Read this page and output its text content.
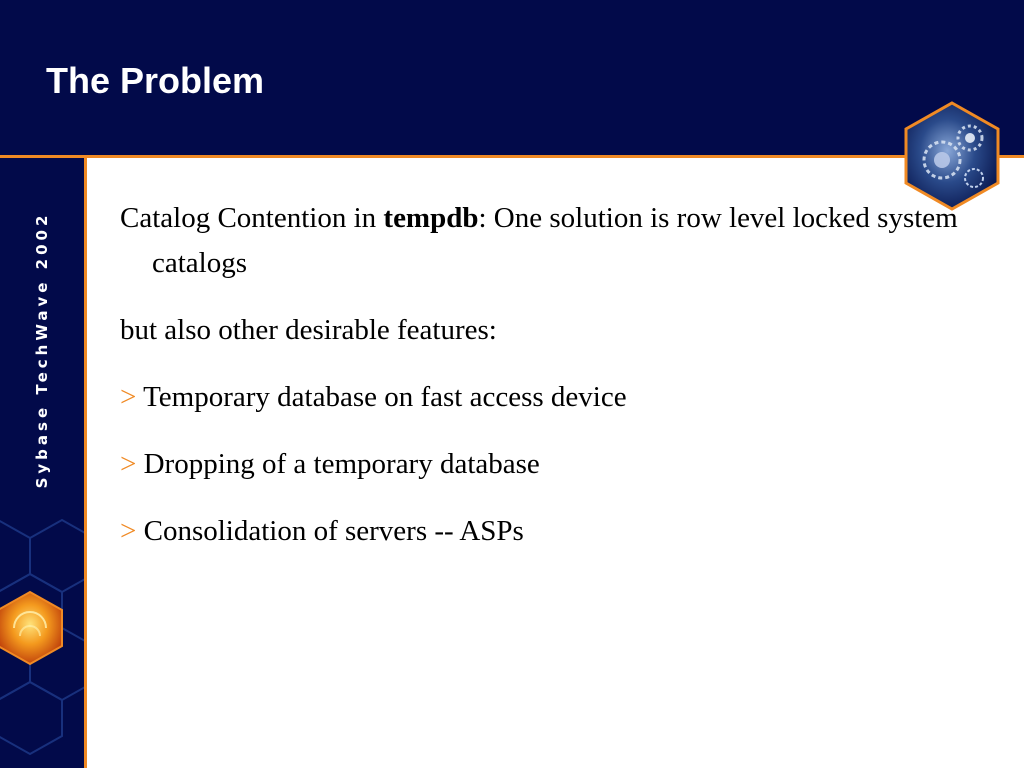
The Problem
Sybase TechWave 2002 Catalog Contention in tempdb: One solution is row level locked system catalogs

but also other desirable features:

> Temporary database on fast access device

> Dropping of a temporary database

> Consolidation of servers -- ASPs
